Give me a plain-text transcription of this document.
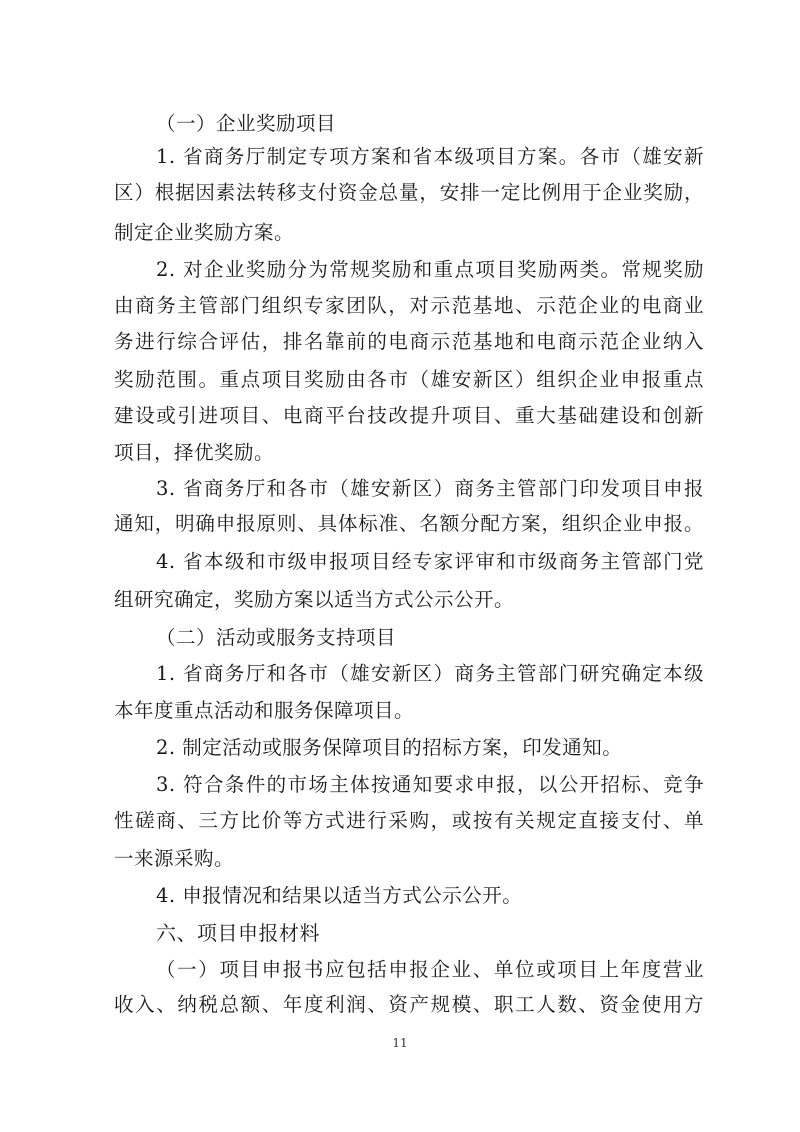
（一）企业奖励项目
1. 省商务厅制定专项方案和省本级项目方案。各市（雄安新
区）根据因素法转移支付资金总量，安排一定比例用于企业奖励，
制定企业奖励方案。
2. 对企业奖励分为常规奖励和重点项目奖励两类。常规奖励
由商务主管部门组织专家团队，对示范基地、示范企业的电商业
务进行综合评估，排名靠前的电商示范基地和电商示范企业纳入
奖励范围。重点项目奖励由各市（雄安新区）组织企业申报重点
建设或引进项目、电商平台技改提升项目、重大基础建设和创新
项目，择优奖励。
3. 省商务厅和各市（雄安新区）商务主管部门印发项目申报
通知，明确申报原则、具体标准、名额分配方案，组织企业申报。
4. 省本级和市级申报项目经专家评审和市级商务主管部门党
组研究确定，奖励方案以适当方式公示公开。
（二）活动或服务支持项目
1. 省商务厅和各市（雄安新区）商务主管部门研究确定本级
本年度重点活动和服务保障项目。
2. 制定活动或服务保障项目的招标方案，印发通知。
3. 符合条件的市场主体按通知要求申报，以公开招标、竞争
性磋商、三方比价等方式进行采购，或按有关规定直接支付、单
一来源采购。
4. 申报情况和结果以适当方式公示公开。
六、项目申报材料
（一）项目申报书应包括申报企业、单位或项目上年度营业
收入、纳税总额、年度利润、资产规模、职工人数、资金使用方
11
